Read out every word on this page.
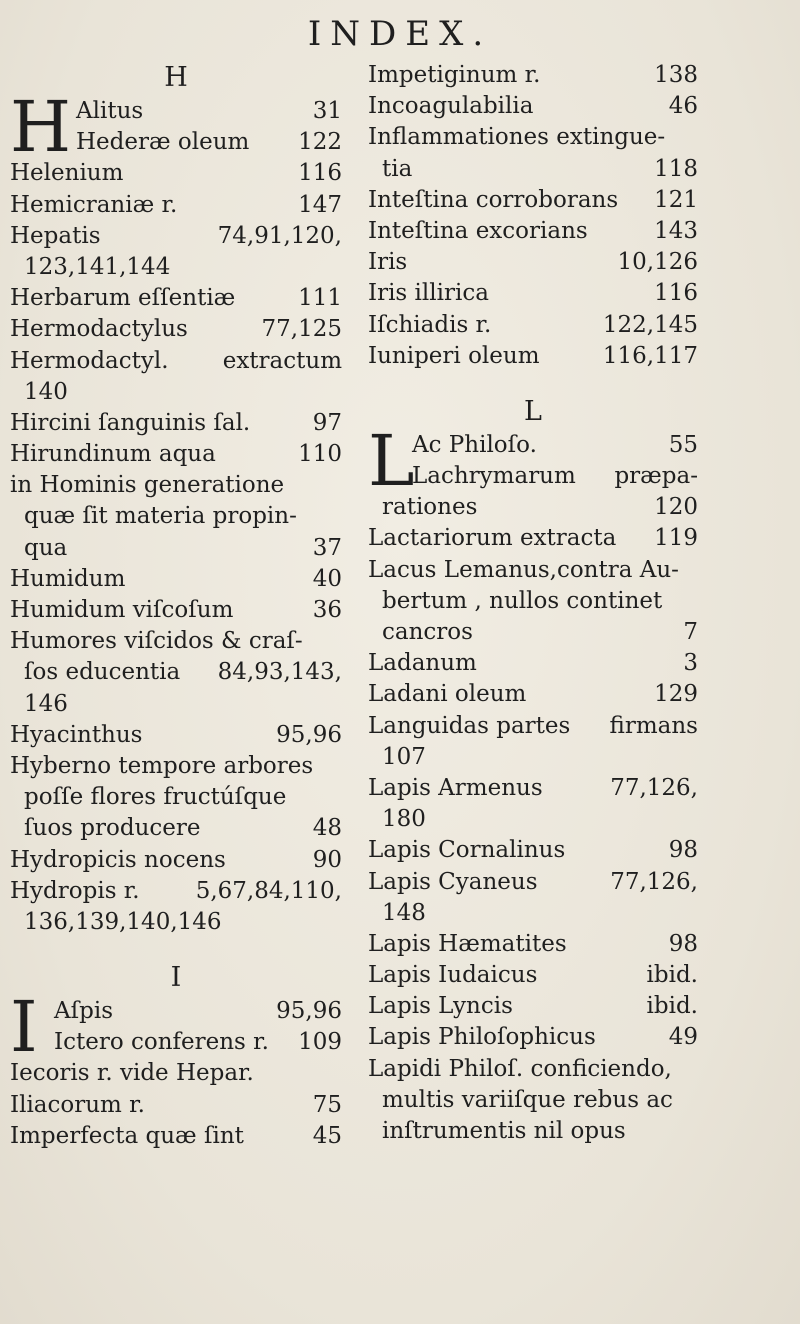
INDEX.
H
H Alitus	31
Hederæ oleum 122
Helenium	116
Hemicraniæ r.	147
Hepatis	74,91,120,
123,141,144
Herbarum eſſentiæ	111
Hermodactylus	77,125
Hermodactyl. extractum
140
Hircini ſanguinis ſal.	97
Hirundinum aqua	110
in Hominis generatione
quæ ſit materia propin-
qua	37
Humidum	40
Humidum viſcoſum	36
Humores viſcidos & craſ-
ſos educentia 84,93,143,
146
Hyacinthus	95,96
Hyberno tempore arbores
poſſe flores fructúſque
ſuos producere	48
Hydropicis nocens	90
Hydropis r. 5,67,84,110,
136,139,140,146
I
I Aſpis	95,96
Ictero conferens r. 109
Iecoris r. vide Hepar.
Iliacorum r.	75
Imperfecta quæ ſint	45
Impetiginum r.	138
Incoagulabilia	46
Inflammationes extingue-
tia	118
Inteſtina corroborans 121
Inteſtina excorians	143
Iris	10,126
Iris illirica	116
Iſchiadis r.	122,145
Iuniperi oleum	116,117
L
L
Ac Philoſo.	55
Lachrymarum præpa-
rationes	120
Lactariorum extracta 119
Lacus Lemanus,contra Au-
bertum , nullos continet
cancros	7
Ladanum	3
Ladani oleum	129
Languidas partes firmans
107
Lapis Armenus	77,126,
180
Lapis Cornalinus	98
Lapis Cyaneus	77,126,
148
Lapis Hæmatites	98
Lapis Iudaicus	ibid.
Lapis Lyncis	ibid.
Lapis Philoſophicus	49
Lapidi Philoſ. conficiendo,
multis variiſque rebus ac
inſtrumentis nil opus
